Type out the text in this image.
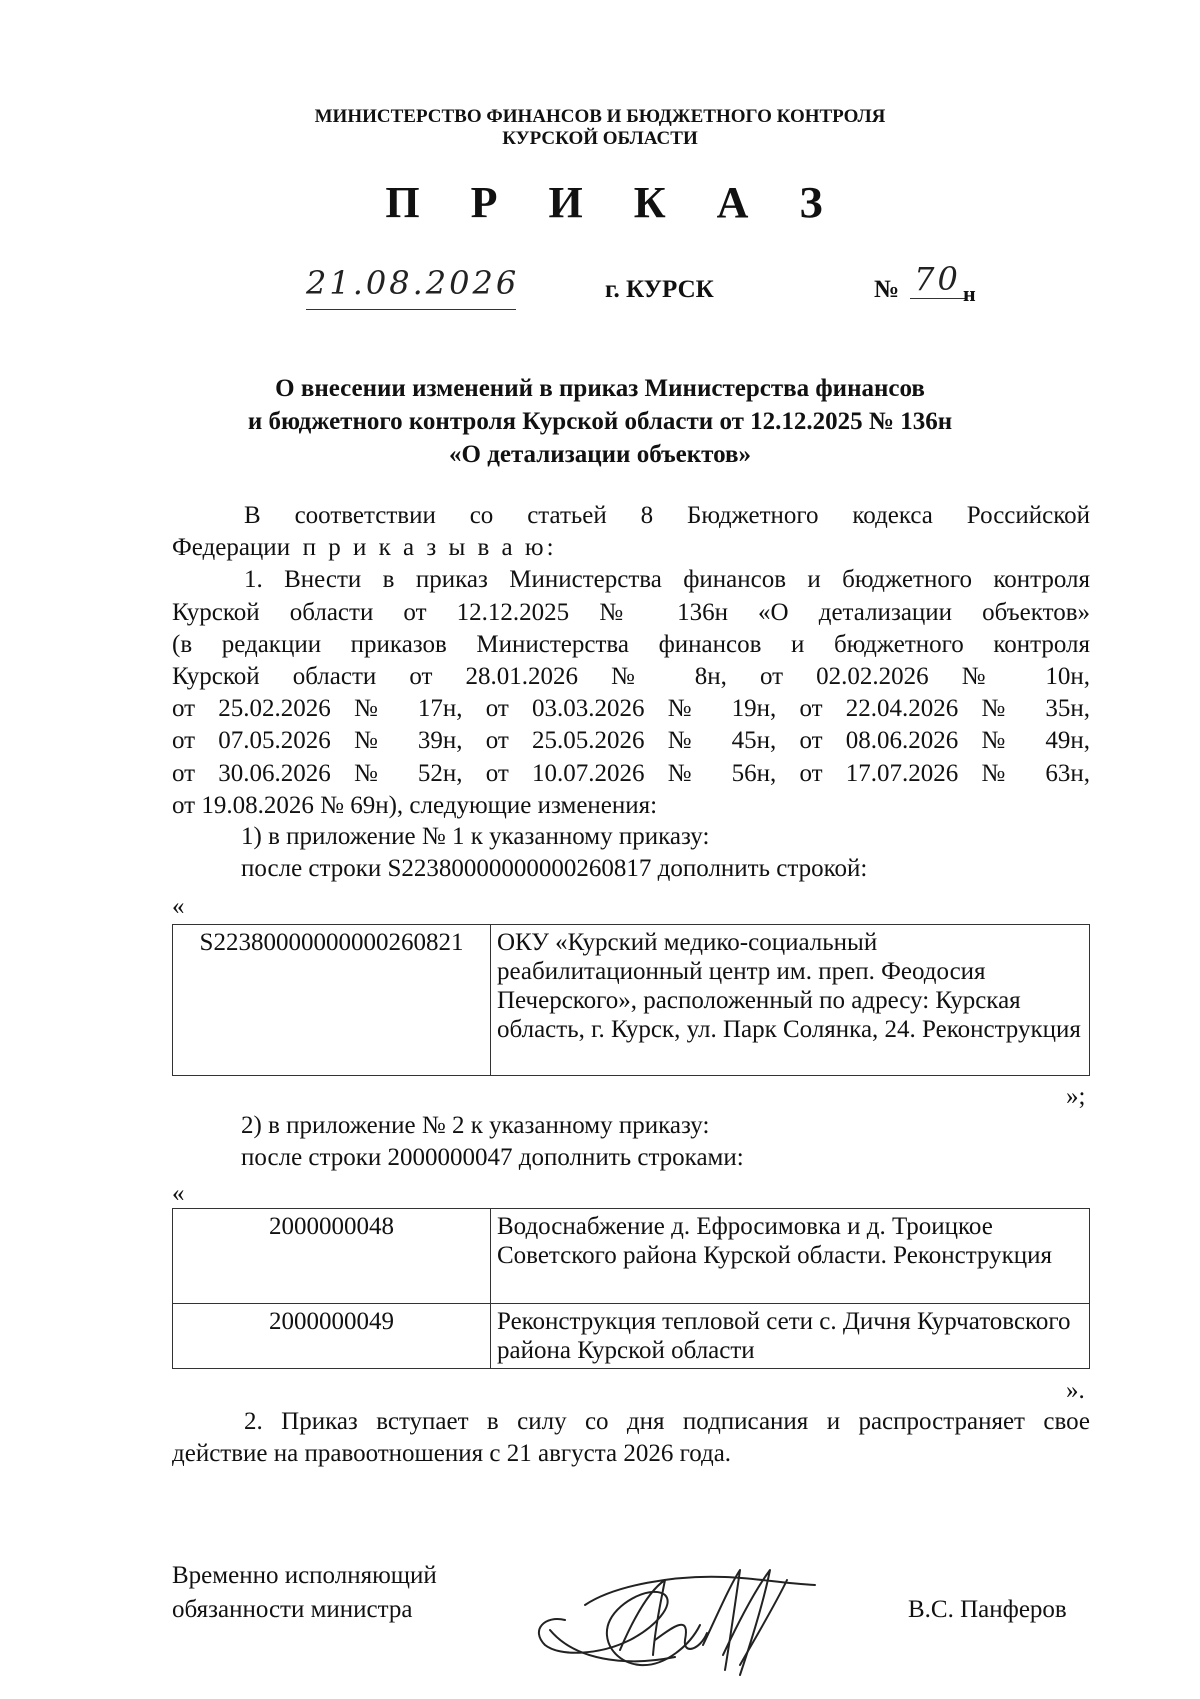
МИНИСТЕРСТВО ФИНАНСОВ И БЮДЖЕТНОГО КОНТРОЛЯ
КУРСКОЙ ОБЛАСТИ
П Р И К А З
21.08.2026	г. КУРСК	№ 70 н
О внесении изменений в приказ Министерства финансов
и бюджетного контроля Курской области от 12.12.2025 № 136н
«О детализации объектов»
В соответствии со статьей 8 Бюджетного кодекса Российской
Федерации п р и к а з ы в а ю:
1. Внести в приказ Министерства финансов и бюджетного контроля
Курской области от 12.12.2025 № 136н «О детализации объектов»
(в редакции приказов Министерства финансов и бюджетного контроля
Курской области от 28.01.2026 № 8н, от 02.02.2026 № 10н,
от 25.02.2026 № 17н, от 03.03.2026 № 19н, от 22.04.2026 № 35н,
от 07.05.2026 № 39н, от 25.05.2026 № 45н, от 08.06.2026 № 49н,
от 30.06.2026 № 52н, от 10.07.2026 № 56н, от 17.07.2026 № 63н,
от 19.08.2026 № 69н), следующие изменения:
1) в приложение № 1 к указанному приказу:
после строки S22380000000000260817 дополнить строкой:
«
S22380000000000260821	ОКУ «Курский медико-социальный реабилитационный центр им. преп. Феодосия Печерского», расположенный по адресу: Курская область, г. Курск, ул. Парк Солянка, 24. Реконструкция
»;
2) в приложение № 2 к указанному приказу:
после строки 2000000047 дополнить строками:
«
2000000048	Водоснабжение д. Ефросимовка и д. Троицкое Советского района Курской области. Реконструкция
2000000049	Реконструкция тепловой сети с. Дичня Курчатовского района Курской области
».
2. Приказ вступает в силу со дня подписания и распространяет свое
действие на правоотношения с 21 августа 2026 года.
Временно исполняющий
обязанности министра	В.С. Панферов
